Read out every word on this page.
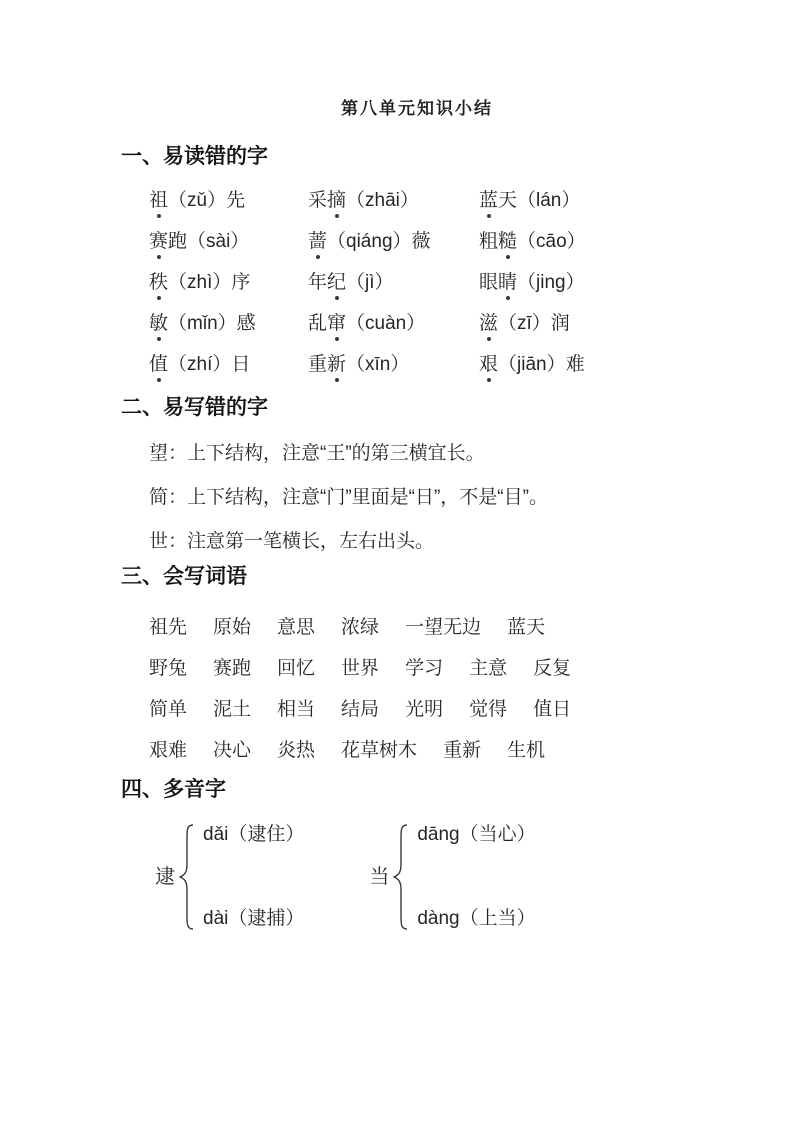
第八单元知识小结
一、易读错的字
祖（zǔ）先	采摘（zhāi）	蓝天（lán）
赛跑（sài）	蔷（qiáng）薇	粗糙（cāo）
秩（zhì）序	年纪（jì）	眼睛（jing）
敏（mǐn）感	乱窜（cuàn）	滋（zī）润
值（zhí）日	重新（xīn）	艰（jiān）难
二、易写错的字

望：上下结构，注意“王”的第三横宜长。

简：上下结构，注意“门”里面是“日”，不是“目”。

世：注意第一笔横长，左右出头。

三、会写词语
祖先 原始 意思 浓绿 一望无边 蓝天
野兔 赛跑 回忆 世界 学习 主意 反复
简单 泥土 相当 结局 光明 觉得 值日
艰难 决心 炎热 花草树木 重新 生机
四、多音字
逮
dǎi（逮住）
dài（逮捕）
当
dāng（当心）
dàng（上当）
